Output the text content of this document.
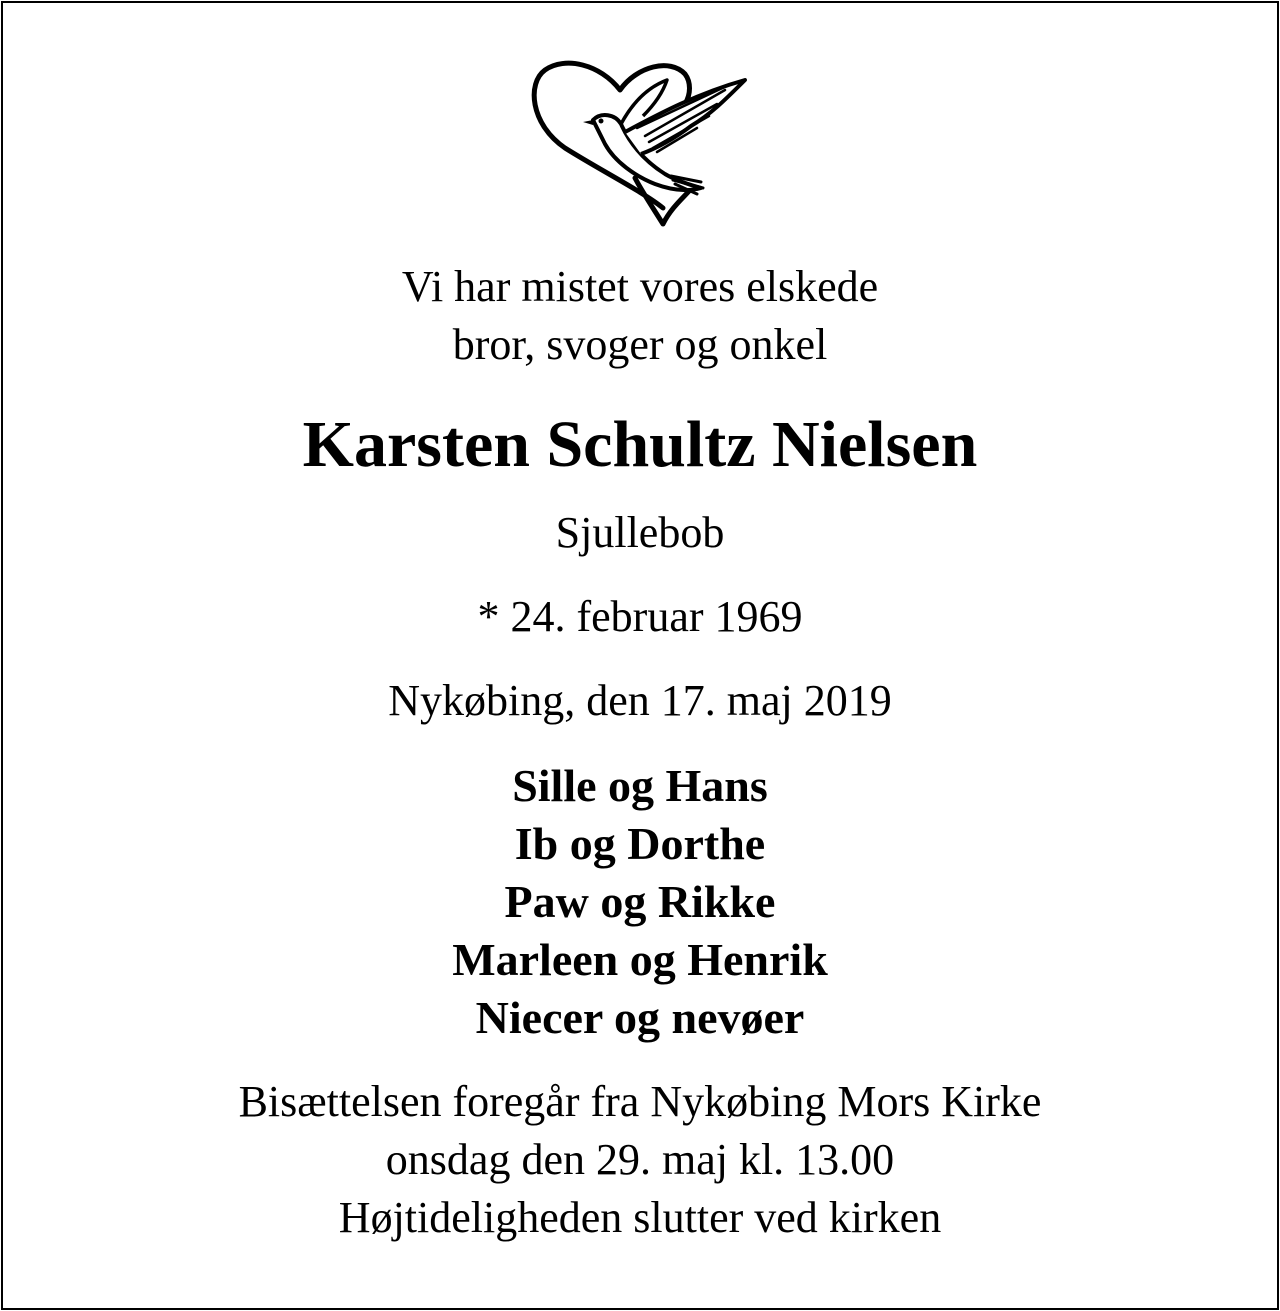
Vi har mistet vores elskede
bror, svoger og onkel
Karsten Schultz Nielsen
Sjullebob
* 24. februar 1969
Nykøbing, den 17. maj 2019
Sille og Hans
Ib og Dorthe
Paw og Rikke
Marleen og Henrik
Niecer og nevøer
Bisættelsen foregår fra Nykøbing Mors Kirke
onsdag den 29. maj kl. 13.00
Højtideligheden slutter ved kirken
